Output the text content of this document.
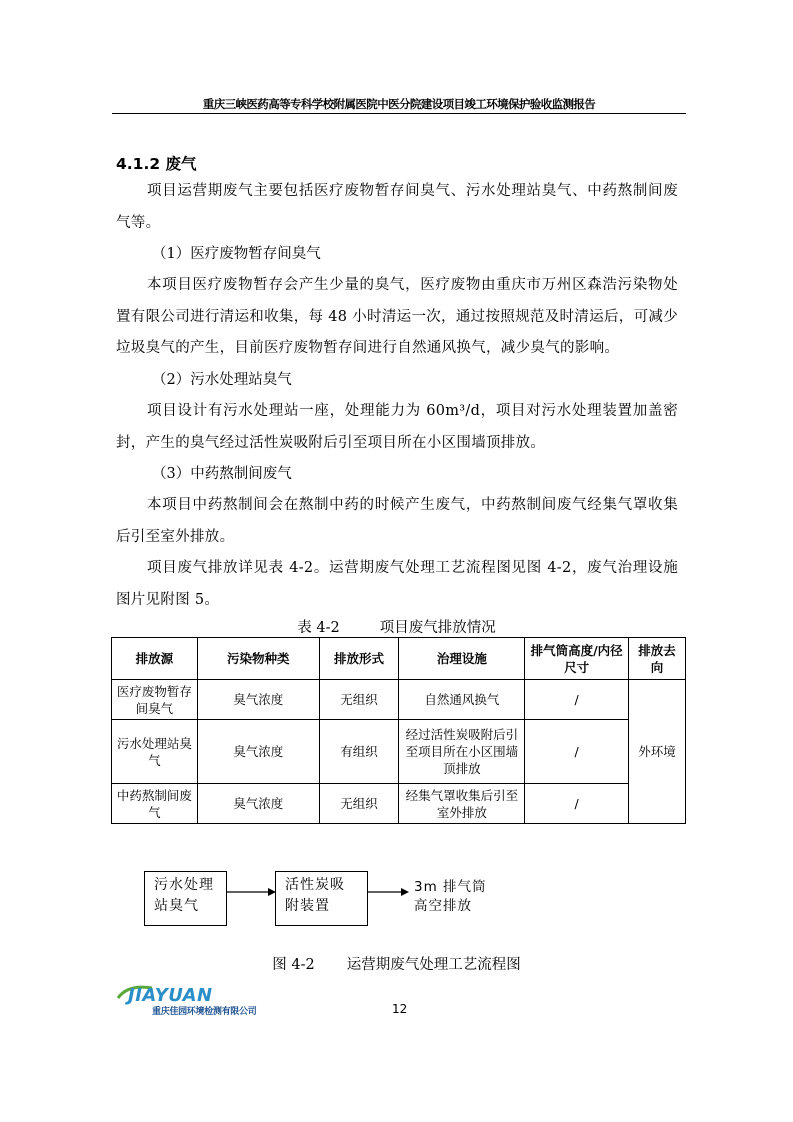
重庆三峡医药高等专科学校附属医院中医分院建设项目竣工环境保护验收监测报告
4.1.2 废气
项目运营期废气主要包括医疗废物暂存间臭气、污水处理站臭气、中药熬制间废气等。
（1）医疗废物暂存间臭气
本项目医疗废物暂存会产生少量的臭气，医疗废物由重庆市万州区森浩污染物处置有限公司进行清运和收集，每 48 小时清运一次，通过按照规范及时清运后，可减少垃圾臭气的产生，目前医疗废物暂存间进行自然通风换气，减少臭气的影响。
（2）污水处理站臭气
项目设计有污水处理站一座，处理能力为 60m³/d，项目对污水处理装置加盖密封，产生的臭气经过活性炭吸附后引至项目所在小区围墙顶排放。
（3）中药熬制间废气
本项目中药熬制间会在熬制中药的时候产生废气，中药熬制间废气经集气罩收集后引至室外排放。
项目废气排放详见表 4-2。运营期废气处理工艺流程图见图 4-2，废气治理设施图片见附图 5。
表 4-2	项目废气排放情况
排放源	污染物种类	排放形式	治理设施	排气筒高度/内径尺寸	排放去向
医疗废物暂存间臭气	臭气浓度	无组织	自然通风换气	/	外环境
污水处理站臭气	臭气浓度	有组织	经过活性炭吸附后引至项目所在小区围墙顶排放	/	
中药熬制间废气	臭气浓度	无组织	经集气罩收集后引至室外排放	/	
污水处理站臭气
活性炭吸附装置
3m 排气筒高空排放
图 4-2 运营期废气处理工艺流程图
JIAYUAN
重庆佳园环境检测有限公司	12
